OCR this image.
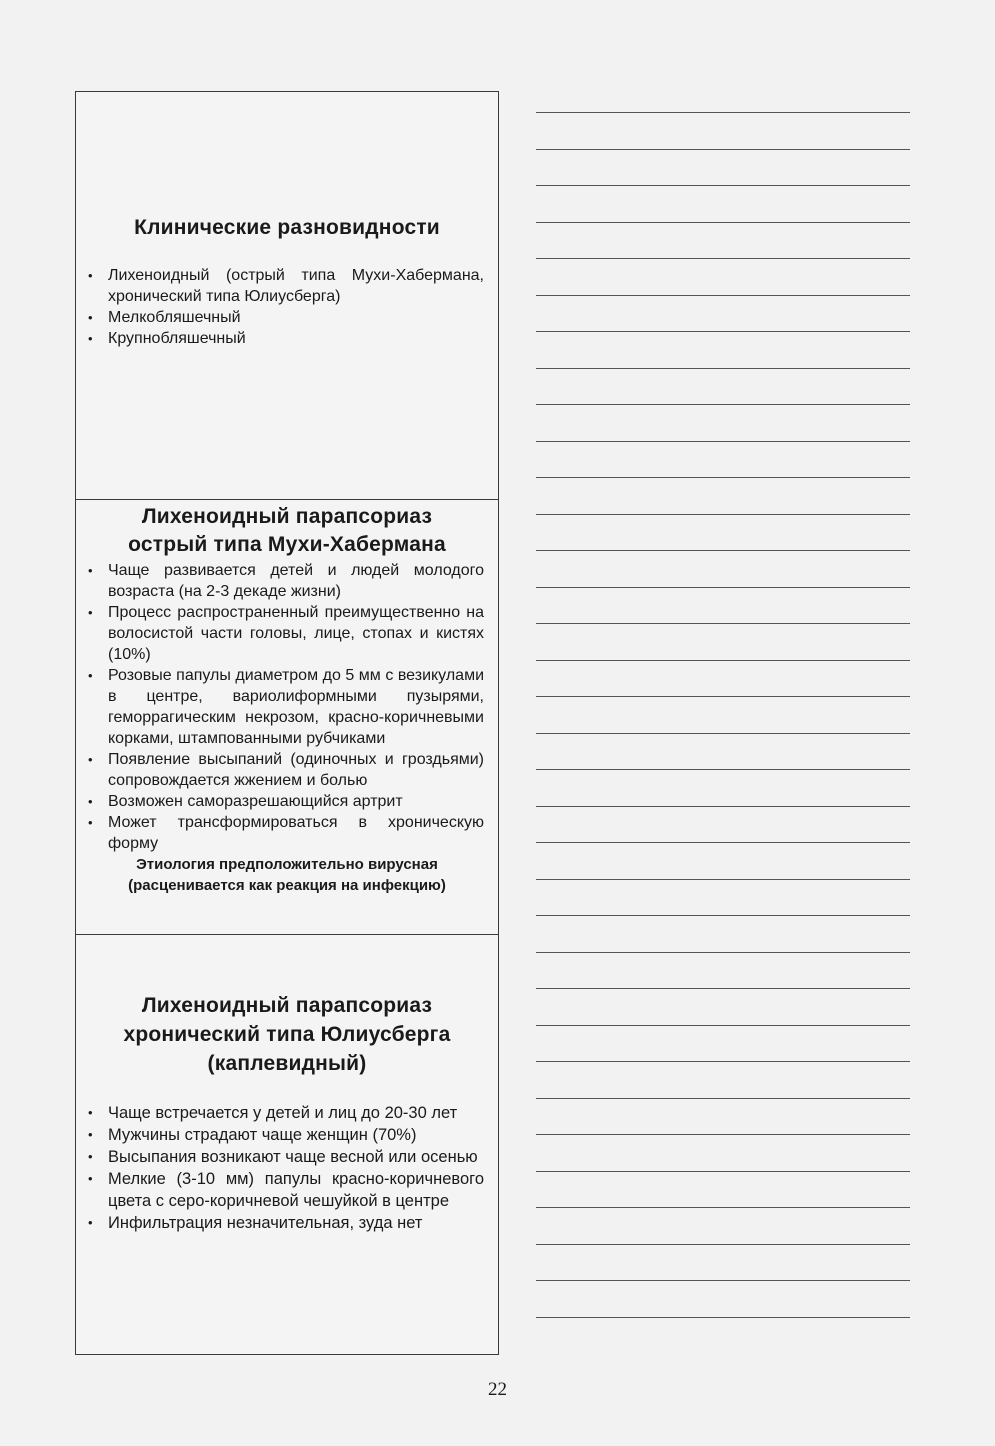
Клинические разновидности
• Лихеноидный (острый типа Мухи-Хабермана, хронический типа Юлиусберга)
• Мелкобляшечный
• Крупнобляшечный
Лихеноидный парапсориаз
острый типа Мухи-Хабермана
• Чаще развивается детей и людей молодого возраста (на 2-3 декаде жизни)
• Процесс распространенный преимущественно на волосистой части головы, лице, стопах и кистях (10%)
• Розовые папулы диаметром до 5 мм с везикулами в центре, вариолиформными пузырями, геморрагическим некрозом, красно-коричневыми корками, штампованными рубчиками
• Появление высыпаний (одиночных и гроздьями) сопровождается жжением и болью
• Возможен саморазрешающийся артрит
• Может трансформироваться в хроническую форму

Этиология предположительно вирусная
(расценивается как реакция на инфекцию)

Лихеноидный парапсориаз
хронический типа Юлиусберга
(каплевидный)
• Чаще встречается у детей и лиц до 20-30 лет
• Мужчины страдают чаще женщин (70%)
• Высыпания возникают чаще весной или осенью
• Мелкие (3-10 мм) папулы красно-коричневого цвета с серо-коричневой чешуйкой в центре
• Инфильтрация незначительная, зуда нет
22
